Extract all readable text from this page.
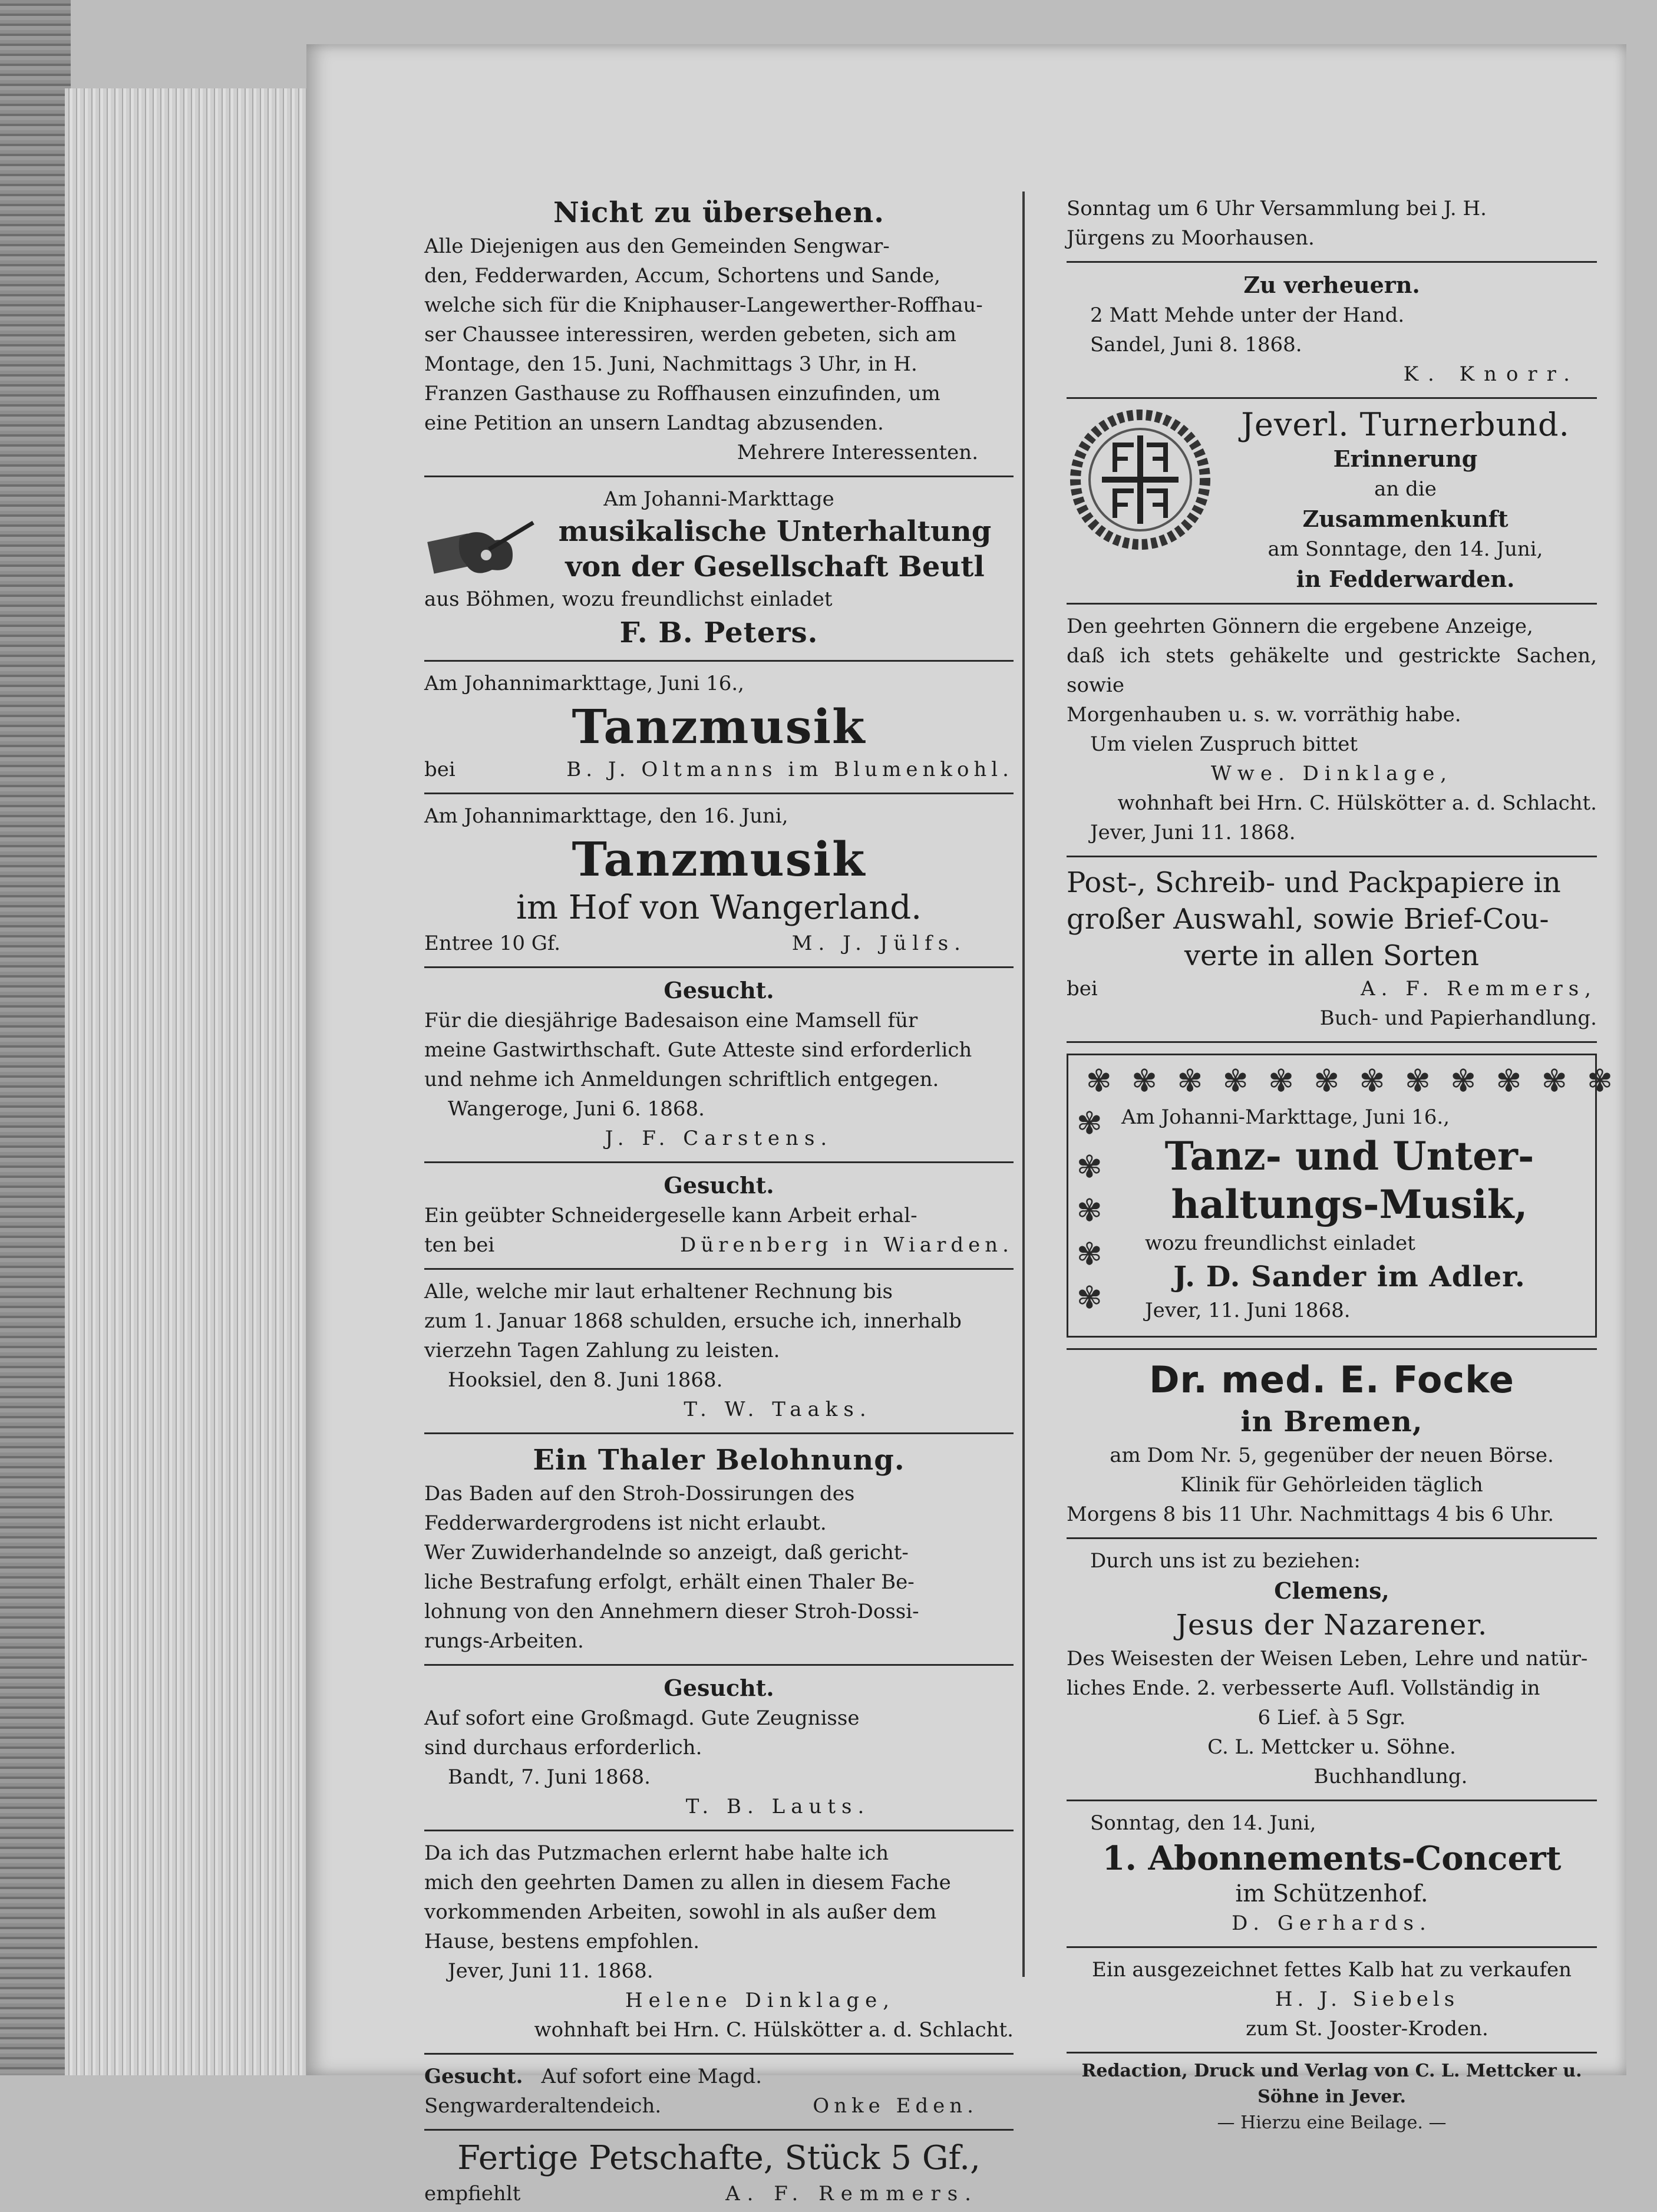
Nicht zu übersehen.
Alle Diejenigen aus den Gemeinden Sengwar-
den, Fedderwarden, Accum, Schortens und Sande,
welche sich für die Kniphauser-Langewerther-Roffhau-
ser Chaussee interessiren, werden gebeten, sich am
Montage, den 15. Juni, Nachmittags 3 Uhr, in H.
Franzen Gasthause zu Roffhausen einzufinden, um
eine Petition an unsern Landtag abzusenden.
Mehrere Interessenten.
Am Johanni-Markttage
musikalische Unterhaltung
von der Gesellschaft Beutl
aus Böhmen, wozu freundlichst einladet
F. B. Peters.
Am Johannimarkttage, Juni 16.,
Tanzmusik
bei	B. J. Oltmanns im Blumenkohl.
Am Johannimarkttage, den 16. Juni,
Tanzmusik
im Hof von Wangerland.
Entree 10 Gf.	M. J. Jülfs.
Gesucht.
Für die diesjährige Badesaison eine Mamsell für
meine Gastwirthschaft. Gute Atteste sind erforderlich
und nehme ich Anmeldungen schriftlich entgegen.
Wangeroge, Juni 6. 1868.
J. F. Carstens.
Gesucht.
Ein geübter Schneidergeselle kann Arbeit erhal-
ten bei	Dürenberg in Wiarden.
Alle, welche mir laut erhaltener Rechnung bis
zum 1. Januar 1868 schulden, ersuche ich, innerhalb
vierzehn Tagen Zahlung zu leisten.
Hooksiel, den 8. Juni 1868.
T. W. Taaks.
Ein Thaler Belohnung.
Das Baden auf den Stroh-Dossirungen des
Fedderwardergrodens ist nicht erlaubt.
Wer Zuwiderhandelnde so anzeigt, daß gericht-
liche Bestrafung erfolgt, erhält einen Thaler Be-
lohnung von den Annehmern dieser Stroh-Dossi-
rungs-Arbeiten.
Gesucht.
Auf sofort eine Großmagd. Gute Zeugnisse
sind durchaus erforderlich.
Bandt, 7. Juni 1868.
T. B. Lauts.
Da ich das Putzmachen erlernt habe halte ich
mich den geehrten Damen zu allen in diesem Fache
vorkommenden Arbeiten, sowohl in als außer dem
Hause, bestens empfohlen.
Jever, Juni 11. 1868.
Helene Dinklage,
wohnhaft bei Hrn. C. Hülskötter a. d. Schlacht.
Gesucht. Auf sofort eine Magd.
Sengwarderaltendeich.	Onke Eden.
Fertige Petschafte, Stück 5 Gf.,
empfiehlt	A. F. Remmers.
Sonntag um 6 Uhr Versammlung bei J. H.
Jürgens zu Moorhausen.
Zu verheuern.
2 Matt Mehde unter der Hand.
Sandel, Juni 8. 1868.
K. Knorr.
Jeverl. Turnerbund.
Erinnerung
an die
Zusammenkunft
am Sonntage, den 14. Juni,
in Fedderwarden.
Den geehrten Gönnern die ergebene Anzeige,
daß ich stets gehäkelte und gestrickte Sachen, sowie
Morgenhauben u. s. w. vorräthig habe.
Um vielen Zuspruch bittet
Wwe. Dinklage,
wohnhaft bei Hrn. C. Hülskötter a. d. Schlacht.
Jever, Juni 11. 1868.
Post-, Schreib- und Packpapiere in
großer Auswahl, sowie Brief-Cou-
verte in allen Sorten
bei	A. F. Remmers,
Buch- und Papierhandlung.
✾ ✾ ✾ ✾ ✾ ✾ ✾ ✾ ✾ ✾ ✾ ✾
✾
✾
✾
✾
✾
Am Johanni-Markttage, Juni 16.,
Tanz- und Unter-
haltungs-Musik,
wozu freundlichst einladet
J. D. Sander im Adler.
Jever, 11. Juni 1868.
Dr. med. E. Focke
in Bremen,
am Dom Nr. 5, gegenüber der neuen Börse.
Klinik für Gehörleiden täglich
Morgens 8 bis 11 Uhr. Nachmittags 4 bis 6 Uhr.
Durch uns ist zu beziehen:
Clemens,
Jesus der Nazarener.
Des Weisesten der Weisen Leben, Lehre und natür-
liches Ende. 2. verbesserte Aufl. Vollständig in
6 Lief. à 5 Sgr.
C. L. Mettcker u. Söhne.
Buchhandlung.
Sonntag, den 14. Juni,
1. Abonnements-Concert
im Schützenhof.
D. Gerhards.
Ein ausgezeichnet fettes Kalb hat zu verkaufen
H. J. Siebels
zum St. Jooster-Kroden.
Redaction, Druck und Verlag von C. L. Mettcker u. Söhne in Jever.
— Hierzu eine Beilage. —
